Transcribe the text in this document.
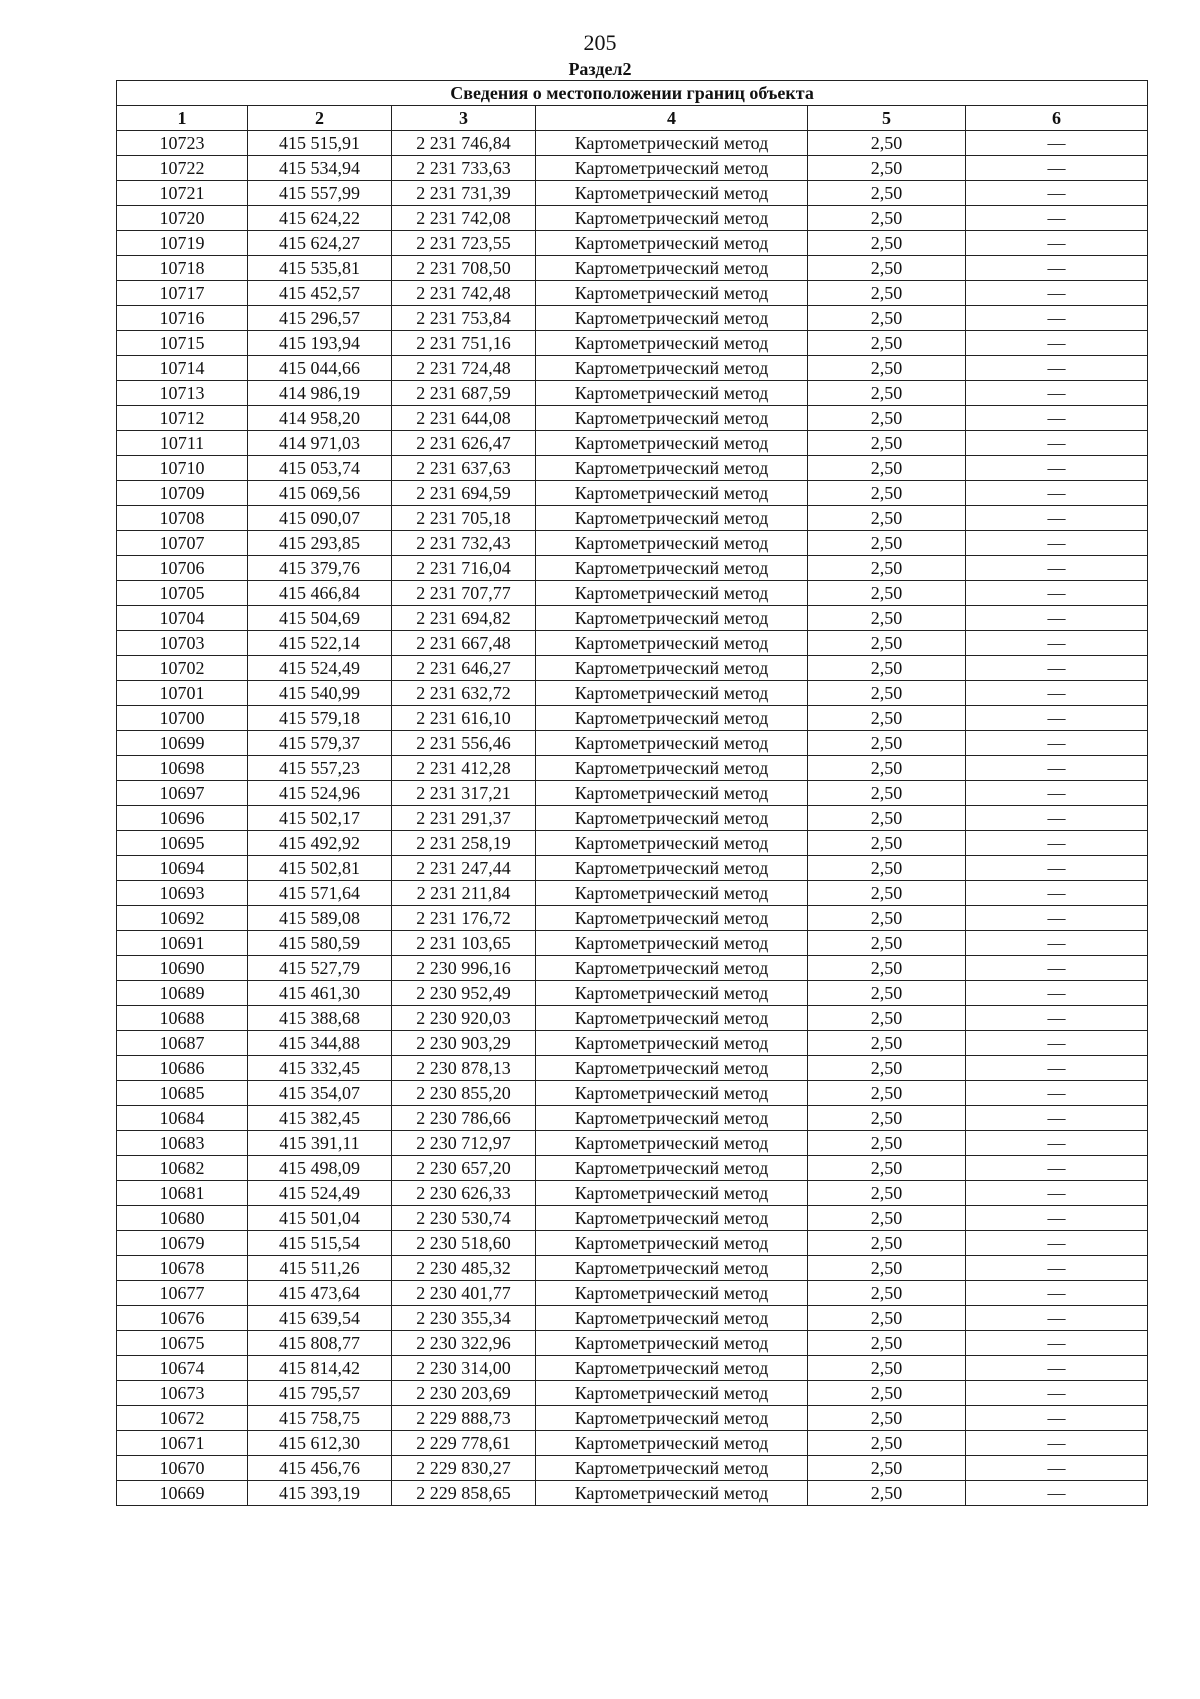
205
Раздел2
Сведения о местоположении границ объекта					
1	2	3	4	5	6
10723	415 515,91	2 231 746,84	Картометрический метод	2,50	—
10722	415 534,94	2 231 733,63	Картометрический метод	2,50	—
10721	415 557,99	2 231 731,39	Картометрический метод	2,50	—
10720	415 624,22	2 231 742,08	Картометрический метод	2,50	—
10719	415 624,27	2 231 723,55	Картометрический метод	2,50	—
10718	415 535,81	2 231 708,50	Картометрический метод	2,50	—
10717	415 452,57	2 231 742,48	Картометрический метод	2,50	—
10716	415 296,57	2 231 753,84	Картометрический метод	2,50	—
10715	415 193,94	2 231 751,16	Картометрический метод	2,50	—
10714	415 044,66	2 231 724,48	Картометрический метод	2,50	—
10713	414 986,19	2 231 687,59	Картометрический метод	2,50	—
10712	414 958,20	2 231 644,08	Картометрический метод	2,50	—
10711	414 971,03	2 231 626,47	Картометрический метод	2,50	—
10710	415 053,74	2 231 637,63	Картометрический метод	2,50	—
10709	415 069,56	2 231 694,59	Картометрический метод	2,50	—
10708	415 090,07	2 231 705,18	Картометрический метод	2,50	—
10707	415 293,85	2 231 732,43	Картометрический метод	2,50	—
10706	415 379,76	2 231 716,04	Картометрический метод	2,50	—
10705	415 466,84	2 231 707,77	Картометрический метод	2,50	—
10704	415 504,69	2 231 694,82	Картометрический метод	2,50	—
10703	415 522,14	2 231 667,48	Картометрический метод	2,50	—
10702	415 524,49	2 231 646,27	Картометрический метод	2,50	—
10701	415 540,99	2 231 632,72	Картометрический метод	2,50	—
10700	415 579,18	2 231 616,10	Картометрический метод	2,50	—
10699	415 579,37	2 231 556,46	Картометрический метод	2,50	—
10698	415 557,23	2 231 412,28	Картометрический метод	2,50	—
10697	415 524,96	2 231 317,21	Картометрический метод	2,50	—
10696	415 502,17	2 231 291,37	Картометрический метод	2,50	—
10695	415 492,92	2 231 258,19	Картометрический метод	2,50	—
10694	415 502,81	2 231 247,44	Картометрический метод	2,50	—
10693	415 571,64	2 231 211,84	Картометрический метод	2,50	—
10692	415 589,08	2 231 176,72	Картометрический метод	2,50	—
10691	415 580,59	2 231 103,65	Картометрический метод	2,50	—
10690	415 527,79	2 230 996,16	Картометрический метод	2,50	—
10689	415 461,30	2 230 952,49	Картометрический метод	2,50	—
10688	415 388,68	2 230 920,03	Картометрический метод	2,50	—
10687	415 344,88	2 230 903,29	Картометрический метод	2,50	—
10686	415 332,45	2 230 878,13	Картометрический метод	2,50	—
10685	415 354,07	2 230 855,20	Картометрический метод	2,50	—
10684	415 382,45	2 230 786,66	Картометрический метод	2,50	—
10683	415 391,11	2 230 712,97	Картометрический метод	2,50	—
10682	415 498,09	2 230 657,20	Картометрический метод	2,50	—
10681	415 524,49	2 230 626,33	Картометрический метод	2,50	—
10680	415 501,04	2 230 530,74	Картометрический метод	2,50	—
10679	415 515,54	2 230 518,60	Картометрический метод	2,50	—
10678	415 511,26	2 230 485,32	Картометрический метод	2,50	—
10677	415 473,64	2 230 401,77	Картометрический метод	2,50	—
10676	415 639,54	2 230 355,34	Картометрический метод	2,50	—
10675	415 808,77	2 230 322,96	Картометрический метод	2,50	—
10674	415 814,42	2 230 314,00	Картометрический метод	2,50	—
10673	415 795,57	2 230 203,69	Картометрический метод	2,50	—
10672	415 758,75	2 229 888,73	Картометрический метод	2,50	—
10671	415 612,30	2 229 778,61	Картометрический метод	2,50	—
10670	415 456,76	2 229 830,27	Картометрический метод	2,50	—
10669	415 393,19	2 229 858,65	Картометрический метод	2,50	—
